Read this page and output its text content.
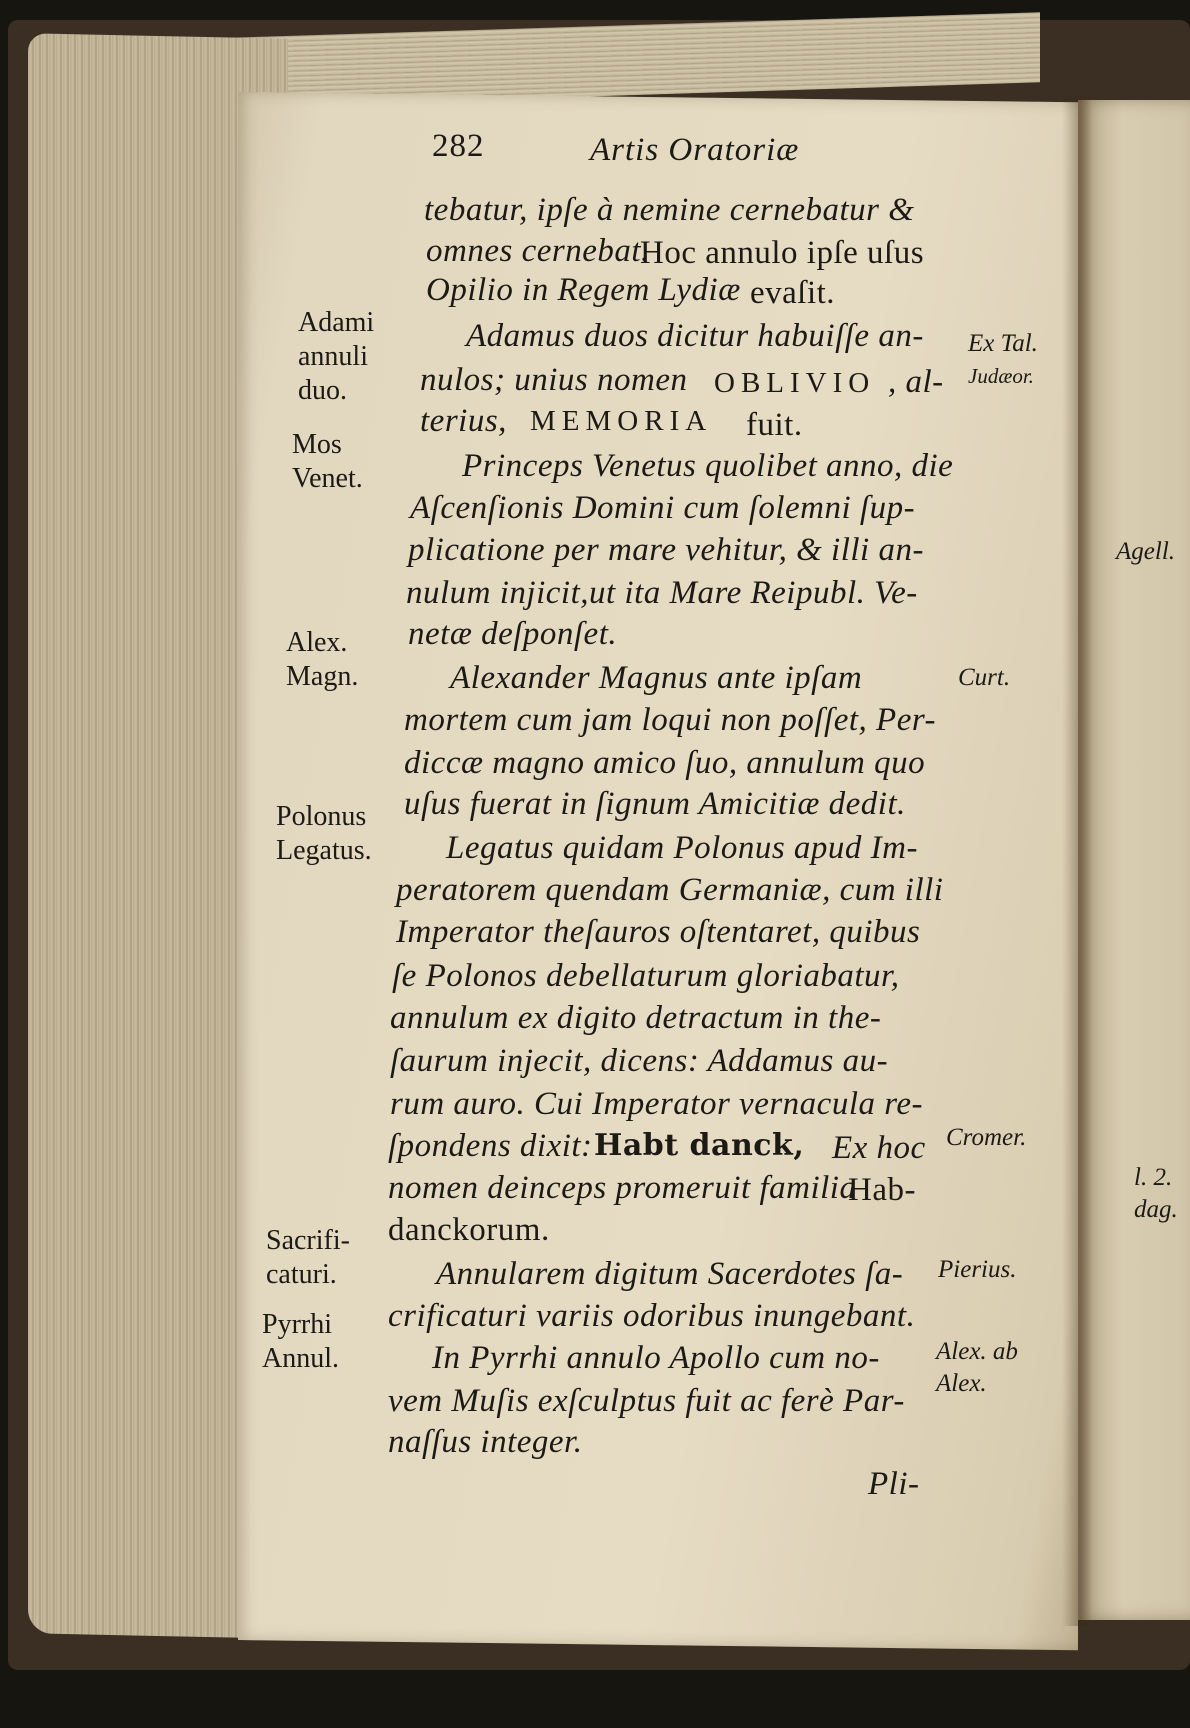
282	Artis Oratoriæ
tebatur, ipſe à nemine cernebatur &
omnes cernebat.
Hoc annulo ipſe uſus
Opilio in Regem Lydiæ evaſit.
Adamus duos dicitur habuiſſe an-
nulos; unius nomen OBLIVIO , al-
terius, MEMORIA fuit.
Princeps Venetus quolibet anno, die
Aſcenſionis Domini cum ſolemni ſup-
plicatione per mare vehitur, & illi an-
nulum injicit,ut ita Mare Reipubl. Ve-
netæ deſponſet.
Alexander Magnus ante ipſam
mortem cum jam loqui non poſſet, Per-
diccæ magno amico ſuo, annulum quo
uſus fuerat in ſignum Amicitiæ dedit.
Legatus quidam Polonus apud Im-
peratorem quendam Germaniæ, cum illi
Imperator theſauros oſtentaret, quibus
ſe Polonos debellaturum gloriabatur,
annulum ex digito detractum in the-
ſaurum injecit, dicens: Addamus au-
rum auro. Cui Imperator vernacula re-
ſpondens dixit: Habt danck, Ex hoc
nomen deinceps promeruit familia
Hab-
danckorum.
Annularem digitum Sacerdotes ſa-
crificaturi variis odoribus inungebant.
In Pyrrhi annulo Apollo cum no-
vem Muſis exſculptus fuit ac ferè Par-
naſſus integer.
Pli-
Adami
annuli
duo.
Mos
Venet.
Alex.
Magn.
Polonus
Legatus.
Sacrifi-
caturi.
Pyrrhi
Annul.
Ex Tal.
Judæor.
Curt.
Cromer.
Pierius.
Alex. ab
Alex.
Agell.
l. 2.
dag.
